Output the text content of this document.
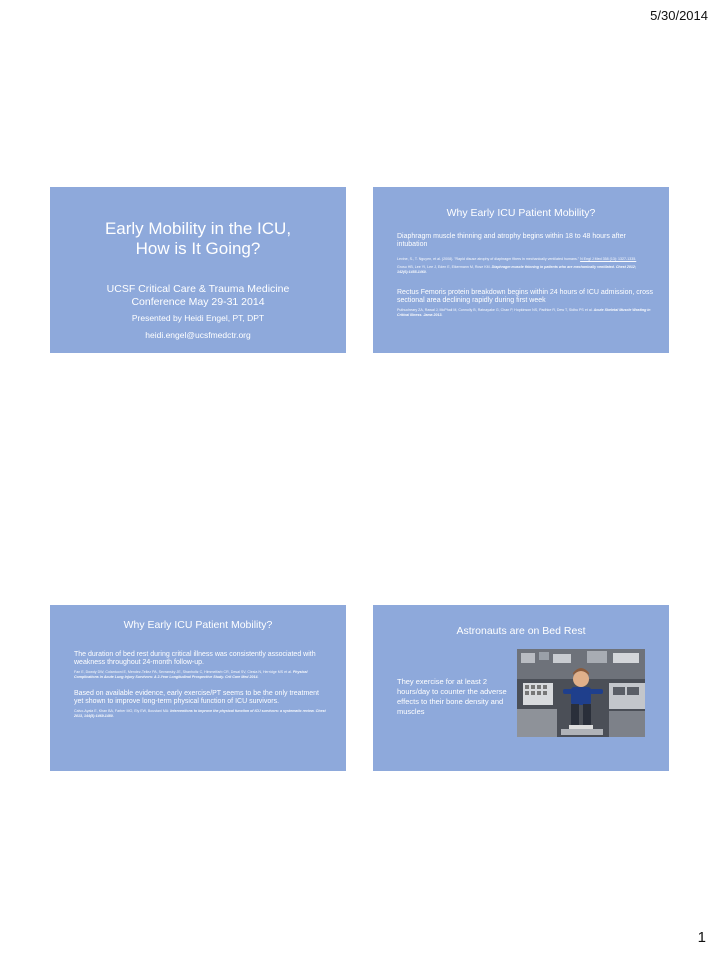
5/30/2014
Early Mobility in the ICU,
How is It Going?
UCSF Critical Care & Trauma Medicine
Conference May 29-31 2014
Presented by Heidi Engel, PT, DPT
heidi.engel@ucsfmedctr.org
Why Early ICU Patient Mobility?

Diaphragm muscle thinning and atrophy begins within 18 to 48 hours after intubation

Levine, S., T. Nguyen, et al. (2008). "Rapid disuse atrophy of diaphragm fibers in mechanically ventilated humans." N Engl J Med 358 (13): 1327-1335.

Grosu HB, Lee YI, Lee J, Eden E, Eikermann M, Rose KM. Diaphragm muscle thinning in patients who are mechanically ventilated. Chest 2012; 142(6):1455-1460.

Rectus Femoris protein breakdown begins within 24 hours of ICU admission, cross sectional area declining rapidly during first week

Puthucheary ZA, Rawal J, McPhail M, Connolly B, Ratnayake G, Chan P, Hopkinson NS, Padhke R, Dew T, Sidhu PS et al. Acute Skeletal Muscle Wasting in Critical Illness. Jama 2013.

Why Early ICU Patient Mobility?

The duration of bed rest during critical illness was consistently associated with weakness throughout 24-month follow-up.

Fan E, Dowdy DW, Colantuoni E, Mendez-Tellez PA, Sevransky JE, Shanholtz C, Himmelfarb CR, Desai SV, Ciesla N, Herridge MS et al. Physical Complications in Acute Lung Injury Survivors: A 2-Year Longitudinal Prospective Study. Crit Care Med 2014.

Based on available evidence, early exercise/PT seems to be the only treatment yet shown to improve long-term physical function of ICU survivors.

Calvo-Ayala E, Khan BA, Farber MO, Ely EW, Boustani MA: Interventions to improve the physical function of ICU survivors: a systematic review. Chest 2013, 144(5):1469-1480.

Astronauts are on Bed Rest
They exercise for at least 2 hours/day to counter the adverse effects to their bone density and muscles
1
